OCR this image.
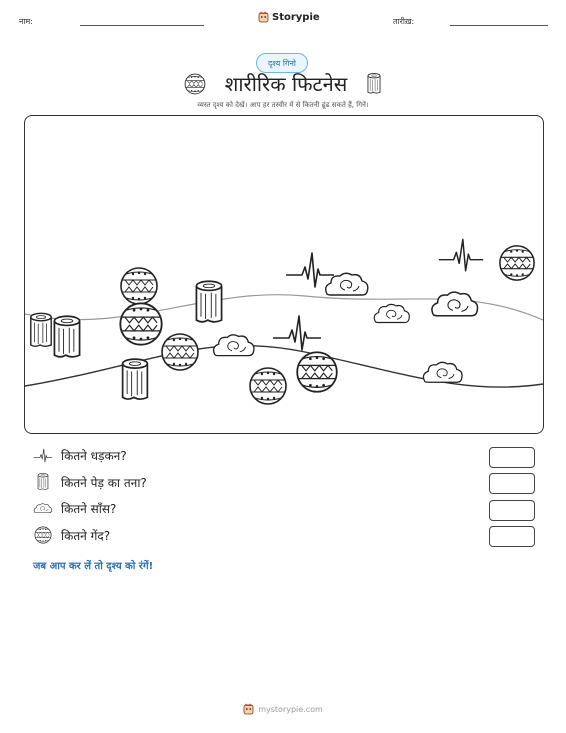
नाम:	Storypie	तारीख़:
दृश्य गिनो
शारीरिक फिटनेस
व्यस्त दृश्य को देखें। आप हर तस्वीर में से कितनी ढूंढ सकते हैं, गिनें।
कितने धड़कन?
कितने पेड़ का तना?
कितने साँस?
कितने गेंद?
जब आप कर लें तो दृश्य को रंगें!
mystorypie.com
